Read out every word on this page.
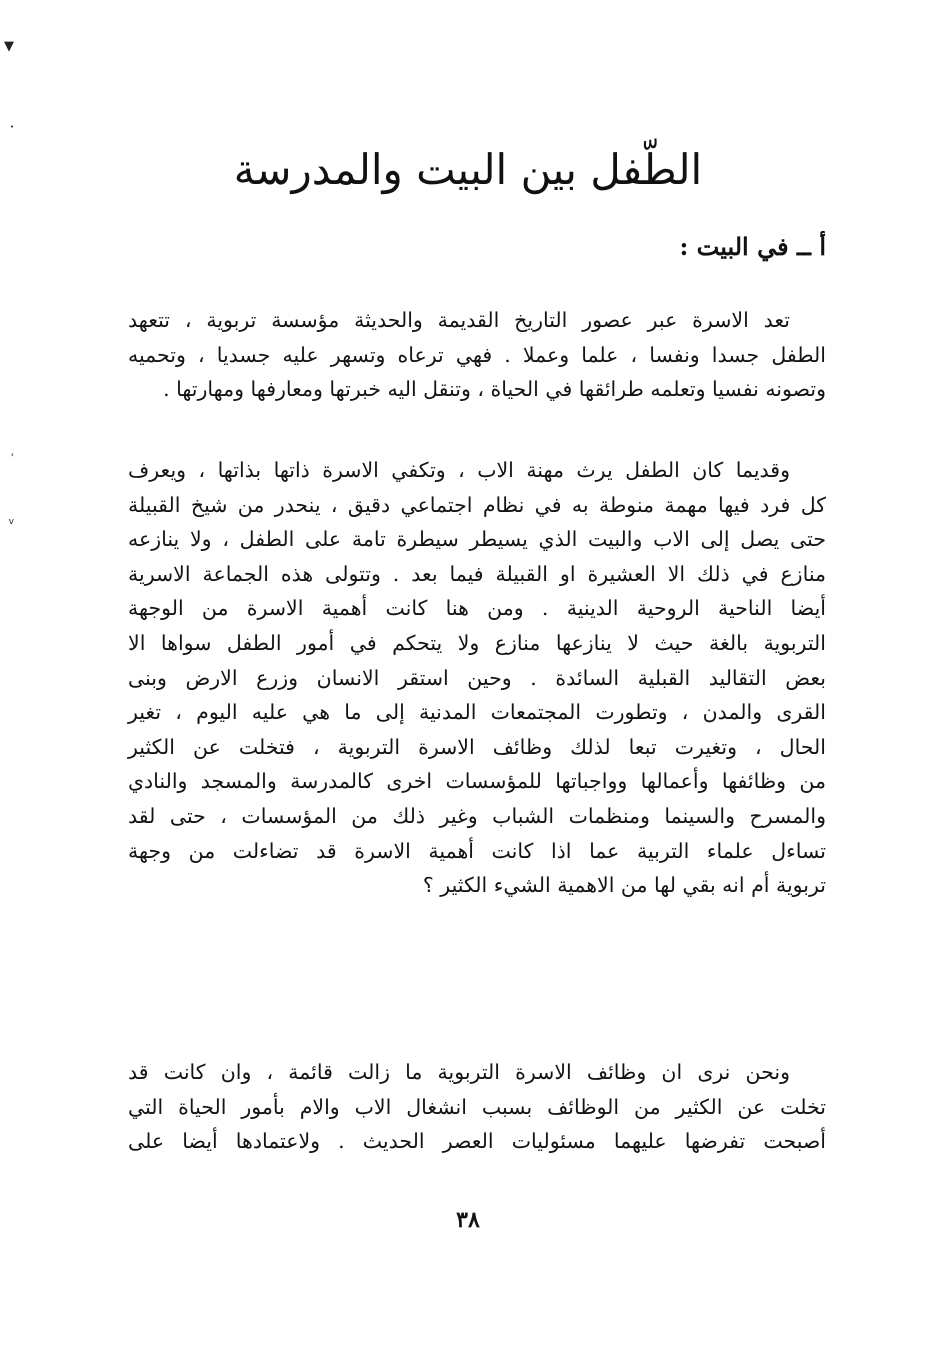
▼
•
›
v
الطّفل بين البيت والمدرسة
أ ــ في البيت :

تعد الاسرة عبر عصور التاريخ القديمة والحديثة مؤسسة تربوية ، تتعهد
الطفل جسدا ونفسا ، علما وعملا . فهي ترعاه وتسهر عليه جسديا ، وتحميه
وتصونه نفسيا وتعلمه طرائقها في الحياة ، وتنقل اليه خبرتها ومعارفها ومهارتها .

وقديما كان الطفل يرث مهنة الاب ، وتكفي الاسرة ذاتها بذاتها ، ويعرف
كل فرد فيها مهمة منوطة به في نظام اجتماعي دقيق ، ينحدر من شيخ القبيلة
حتى يصل إلى الاب والبيت الذي يسيطر سيطرة تامة على الطفل ، ولا ينازعه
منازع في ذلك الا العشيرة او القبيلة فيما بعد . وتتولى هذه الجماعة الاسرية
أيضا الناحية الروحية الدينية . ومن هنا كانت أهمية الاسرة من الوجهة
التربوية بالغة حيث لا ينازعها منازع ولا يتحكم في أمور الطفل سواها الا
بعض التقاليد القبلية السائدة . وحين استقر الانسان وزرع الارض وبنى
القرى والمدن ، وتطورت المجتمعات المدنية إلى ما هي عليه اليوم ، تغير
الحال ، وتغيرت تبعا لذلك وظائف الاسرة التربوية ، فتخلت عن الكثير
من وظائفها وأعمالها وواجباتها للمؤسسات اخرى كالمدرسة والمسجد والنادي
والمسرح والسينما ومنظمات الشباب وغير ذلك من المؤسسات ، حتى لقد
تساءل علماء التربية عما اذا كانت أهمية الاسرة قد تضاءلت من وجهة
تربوية أم انه بقي لها من الاهمية الشيء الكثير ؟

ونحن نرى ان وظائف الاسرة التربوية ما زالت قائمة ، وان كانت قد
تخلت عن الكثير من الوظائف بسبب انشغال الاب والام بأمور الحياة التي
أصبحت تفرضها عليهما مسئوليات العصر الحديث . ولاعتمادها أيضا على

٣٨
